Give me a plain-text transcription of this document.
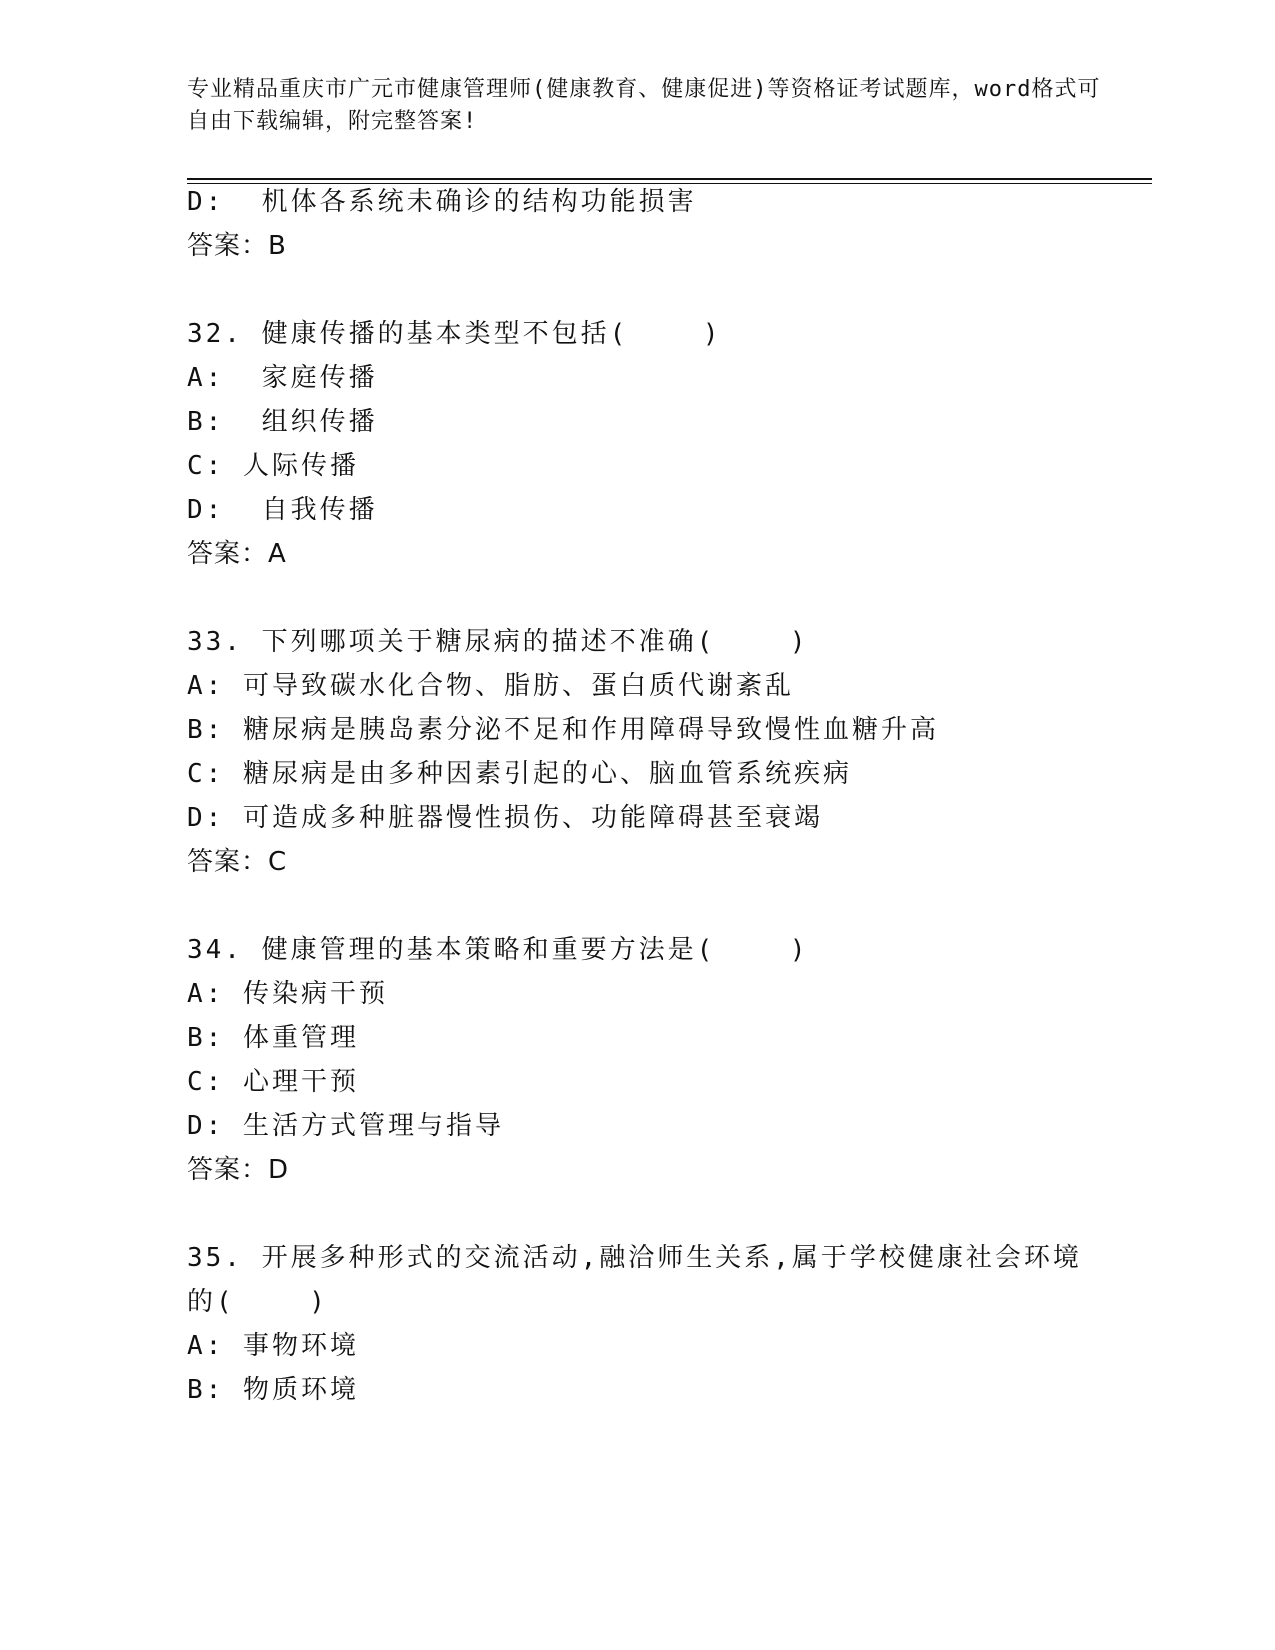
专业精品重庆市广元市健康管理师(健康教育、健康促进)等资格证考试题库，word格式可自由下载编辑，附完整答案!
D:  机体各系统未确诊的结构功能损害
答案：B
32. 健康传播的基本类型不包括(    )
A:  家庭传播
B:  组织传播
C: 人际传播
D:  自我传播
答案：A
33. 下列哪项关于糖尿病的描述不准确(    )
A: 可导致碳水化合物、脂肪、蛋白质代谢紊乱
B: 糖尿病是胰岛素分泌不足和作用障碍导致慢性血糖升高
C: 糖尿病是由多种因素引起的心、脑血管系统疾病
D: 可造成多种脏器慢性损伤、功能障碍甚至衰竭
答案：C
34. 健康管理的基本策略和重要方法是(    )
A: 传染病干预
B: 体重管理
C: 心理干预
D: 生活方式管理与指导
答案：D
35. 开展多种形式的交流活动,融洽师生关系,属于学校健康社会环境
的(    )
A: 事物环境
B: 物质环境
